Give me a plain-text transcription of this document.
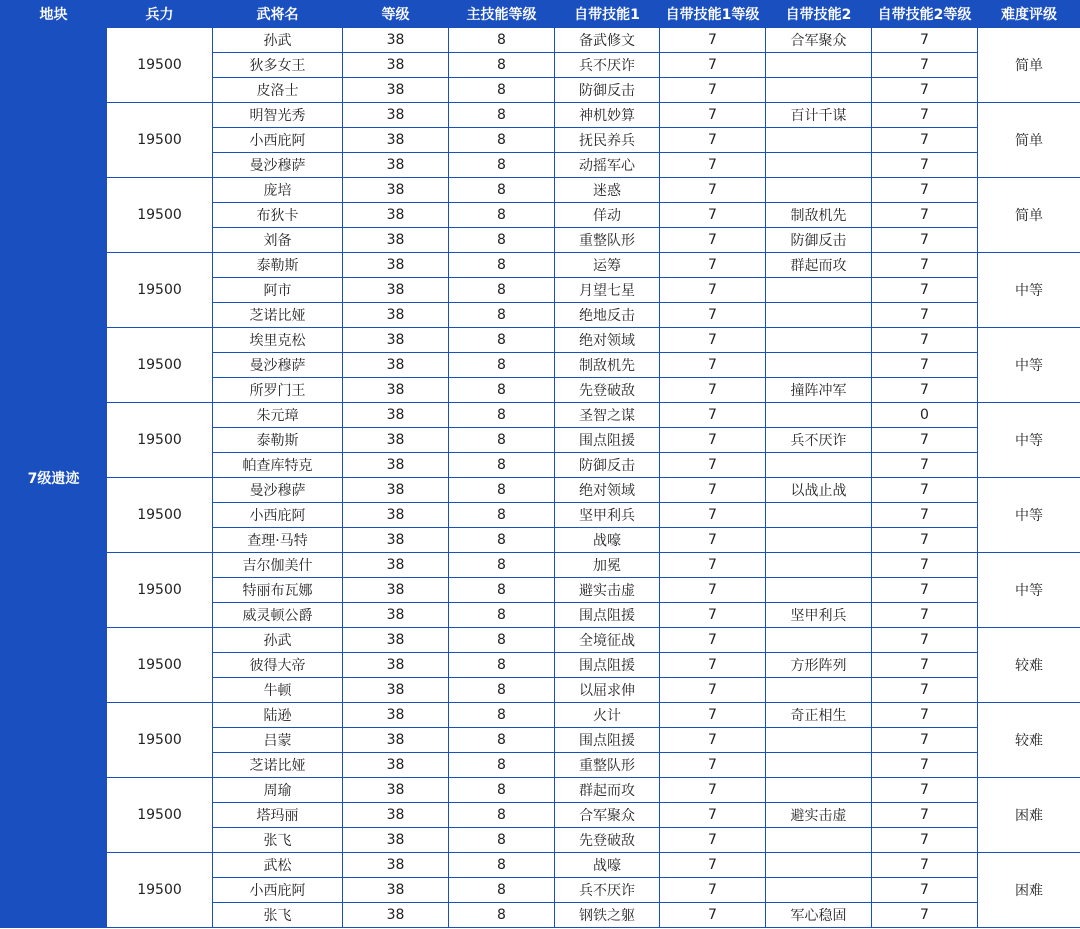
地块	兵力	武将名	等级	主技能等级	自带技能1	自带技能1等级	自带技能2	自带技能2等级	难度评级
7级遗迹	19500	孙武	38	8	备武修文	7	合军聚众	7	简单
		狄多女王	38	8	兵不厌诈	7		7	
		皮洛士	38	8	防御反击	7		7	
	19500	明智光秀	38	8	神机妙算	7	百计千谋	7	简单
		小西庇阿	38	8	抚民养兵	7		7	
		曼沙穆萨	38	8	动摇军心	7		7	
	19500	庞培	38	8	迷惑	7		7	简单
		布狄卡	38	8	佯动	7	制敌机先	7	
		刘备	38	8	重整队形	7	防御反击	7	
	19500	泰勒斯	38	8	运筹	7	群起而攻	7	中等
		阿市	38	8	月望七星	7		7	
		芝诺比娅	38	8	绝地反击	7		7	
	19500	埃里克松	38	8	绝对领域	7		7	中等
		曼沙穆萨	38	8	制敌机先	7		7	
		所罗门王	38	8	先登破敌	7	撞阵冲军	7	
	19500	朱元璋	38	8	圣智之谋	7		0	中等
		泰勒斯	38	8	围点阻援	7	兵不厌诈	7	
		帕查库特克	38	8	防御反击	7		7	
	19500	曼沙穆萨	38	8	绝对领域	7	以战止战	7	中等
		小西庇阿	38	8	坚甲利兵	7		7	
		查理·马特	38	8	战嚎	7		7	
	19500	吉尔伽美什	38	8	加冕	7		7	中等
		特丽布瓦娜	38	8	避实击虚	7		7	
		威灵顿公爵	38	8	围点阻援	7	坚甲利兵	7	
	19500	孙武	38	8	全境征战	7		7	较难
		彼得大帝	38	8	围点阻援	7	方形阵列	7	
		牛顿	38	8	以屈求伸	7		7	
	19500	陆逊	38	8	火计	7	奇正相生	7	较难
		吕蒙	38	8	围点阻援	7		7	
		芝诺比娅	38	8	重整队形	7		7	
	19500	周瑜	38	8	群起而攻	7		7	困难
		塔玛丽	38	8	合军聚众	7	避实击虚	7	
		张飞	38	8	先登破敌	7		7	
	19500	武松	38	8	战嚎	7		7	困难
		小西庇阿	38	8	兵不厌诈	7		7	
		张飞	38	8	钢铁之躯	7	军心稳固	7	
